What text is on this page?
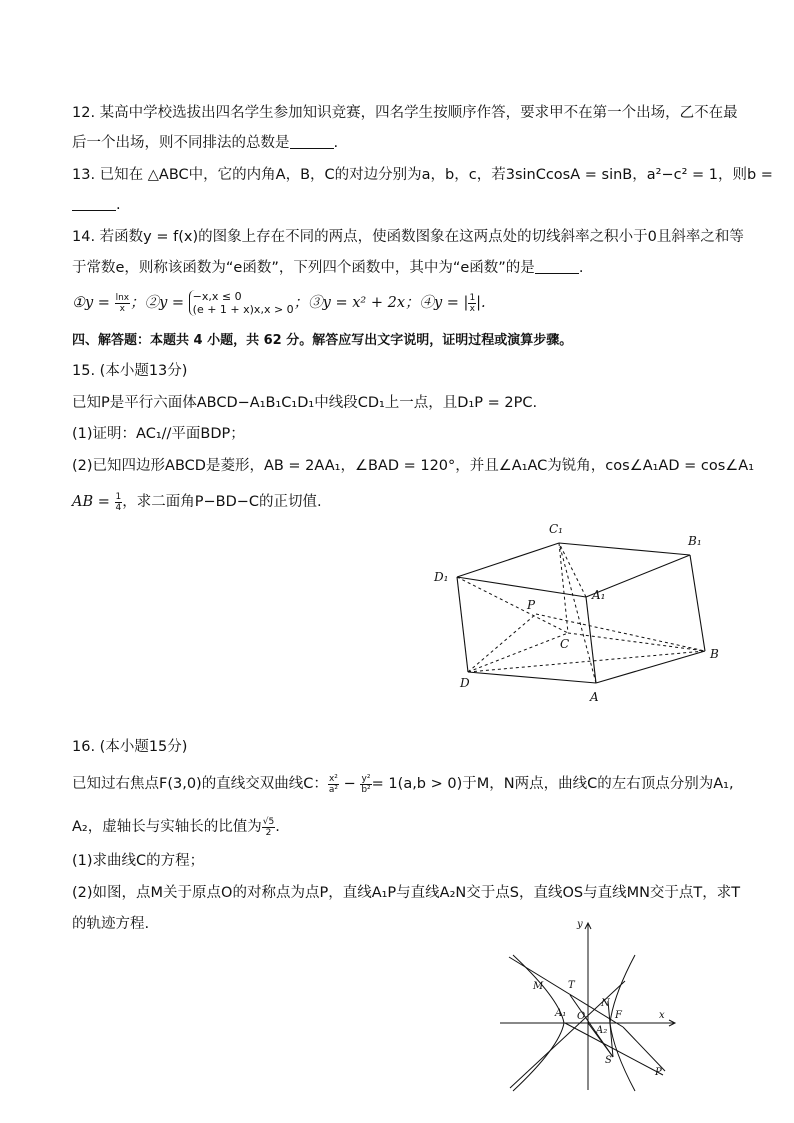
12. 某高中学校选拔出四名学生参加知识竞赛，四名学生按顺序作答，要求甲不在第一个出场，乙不在最
后一个出场，则不同排法的总数是	.
13. 已知在 △ABC中，它的内角A，B，C的对边分别为a，b，c，若3sinCcosA = sinB，a²−c² = 1，则b =
.
14. 若函数y = f(x)的图象上存在不同的两点，使函数图象在这两点处的切线斜率之积小于0且斜率之和等
于常数e，则称该函数为“e函数”，下列四个函数中，其中为“e函数”的是	.
①y = $\frac{\ln x}{x}$ ；②y = −x,x ≤ 0
(e + 1 + x)x,x > 0 ；③y = x² + 2x；④y = | $\frac{1}{x}$ |.
四、解答题：本题共 4 小题，共 62 分。解答应写出文字说明，证明过程或演算步骤。
15. (本小题13分)
已知P是平行六面体ABCD−A₁B₁C₁D₁中线段CD₁上一点，且D₁P = 2PC.
(1)证明：AC₁//平面BDP；
(2)已知四边形ABCD是菱形，AB = 2AA₁，∠BAD = 120°，并且∠A₁AC为锐角，cos∠A₁AD = cos∠A₁
AB = $\frac{1}{4}$ ，求二面角P−BD−C的正切值.
C₁
B₁
D₁
A₁
P
C
B
D
A
16. (本小题15分)
已知过右焦点F(3,0)的直线交双曲线C： $\frac{\text{x²}}{\text{a²}} - \frac{\text{y²}}{\text{b²}} = 1(a,b > 0)$于M，N两点，曲线C的左右顶点分别为A₁,
A₂，虚轴长与实轴长的比值为 $\frac{√5}{2}$ .
(1)求曲线C的方程；
(2)如图，点M关于原点O的对称点为点P，直线A₁P与直线A₂N交于点S，直线OS与直线MN交于点T，求T
的轨迹方程.	y
M T
N
A₁ O
A₂
F	x
S
P
